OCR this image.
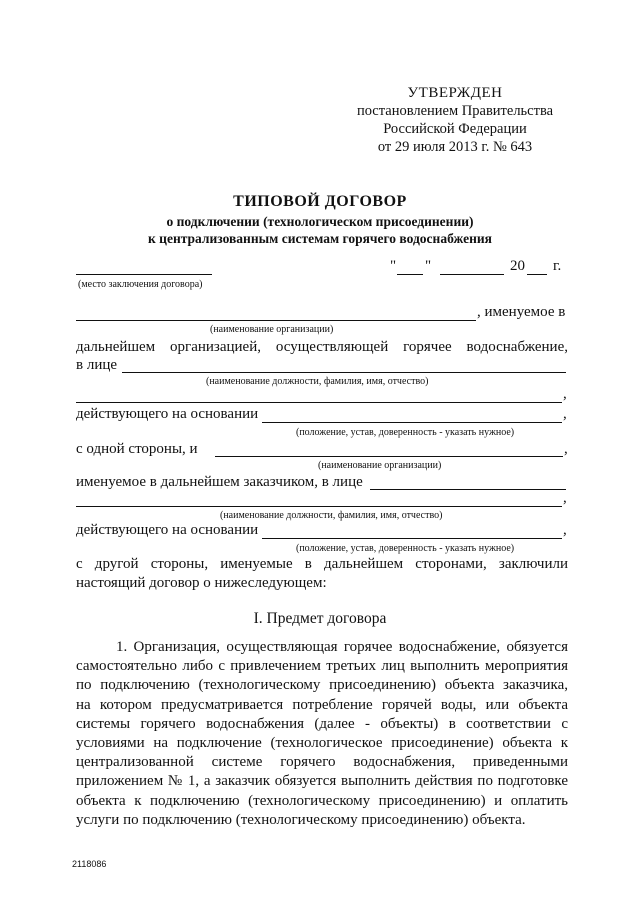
УТВЕРЖДЕН
постановлением Правительства
Российской Федерации
от 29 июля 2013 г. № 643
ТИПОВОЙ ДОГОВОР
о подключении (технологическом присоединении)
к централизованным системам горячего водоснабжения
(место заключения договора)
" "	20 г.
, именуемое в
(наименование организации)
дальнейшем организацией, осуществляющей горячее водоснабжение,
в лице
(наименование должности, фамилия, имя, отчество)
,
действующего на основании	,
(положение, устав, доверенность - указать нужное)
с одной стороны, и	,
(наименование организации)
именуемое в дальнейшем заказчиком, в лице
,
(наименование должности, фамилия, имя, отчество)
действующего на основании	,
(положение, устав, доверенность - указать нужное)
с другой стороны, именуемые в дальнейшем сторонами, заключили
настоящий договор о нижеследующем:
I. Предмет договора
1. Организация, осуществляющая горячее водоснабжение, обязуется
самостоятельно либо с привлечением третьих лиц выполнить мероприятия
по подключению (технологическому присоединению) объекта заказчика,
на котором предусматривается потребление горячей воды, или объекта
системы горячего водоснабжения (далее - объекты) в соответствии с
условиями на подключение (технологическое присоединение) объекта к
централизованной системе горячего водоснабжения, приведенными
приложением № 1, а заказчик обязуется выполнить действия по подготовке
объекта к подключению (технологическому присоединению) и оплатить
услуги по подключению (технологическому присоединению) объекта.
2118086
